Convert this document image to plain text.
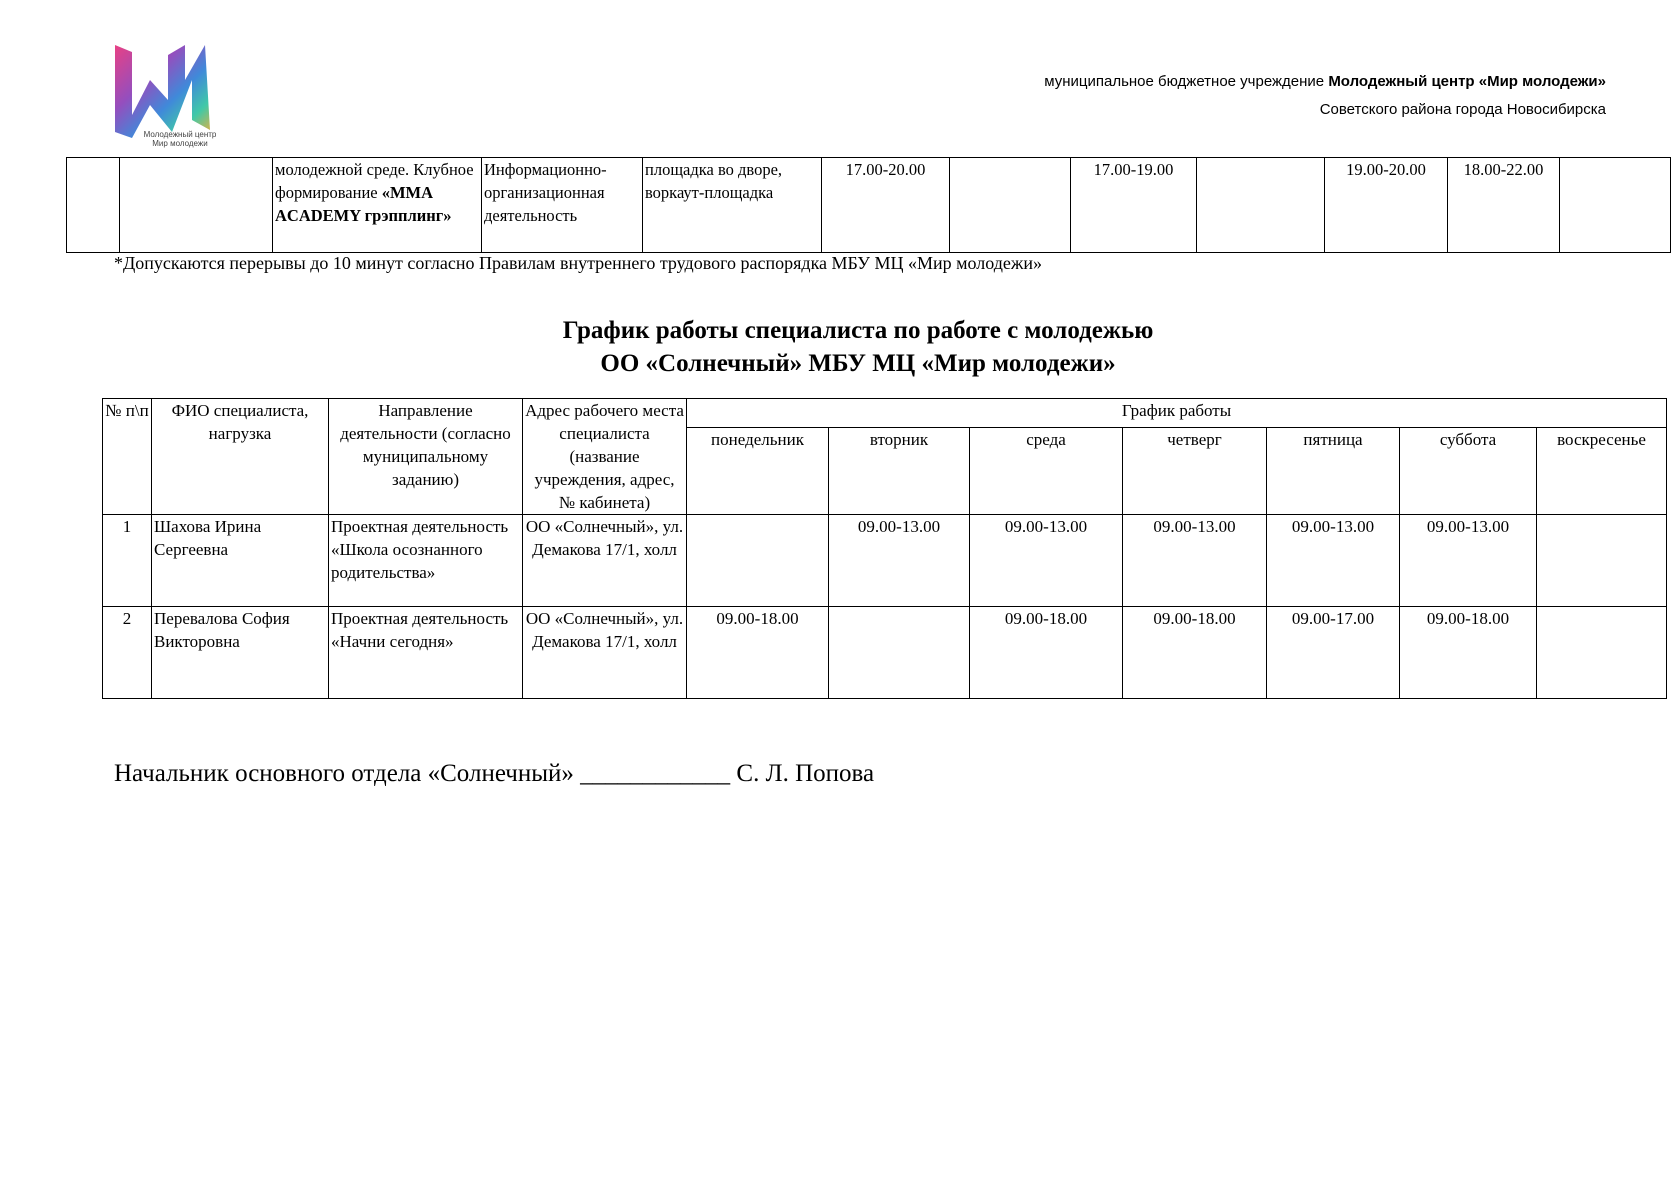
Молодежный центр Мир молодежи
муниципальное бюджетное учреждение Молодежный центр «Мир молодежи»
Советского района города Новосибирска
		молодежной среде. Клубное формирование «MMA ACADEMY грэпплинг»	Информационно-организационная деятельность	площадка во дворе, воркаут-площадка	17.00-20.00		17.00-19.00		19.00-20.00	18.00-22.00	
*Допускаются перерывы до 10 минут согласно Правилам внутреннего трудового распорядка МБУ МЦ «Мир молодежи»
График работы специалиста по работе с молодежью
ОО «Солнечный» МБУ МЦ «Мир молодежи»
№ п\п	ФИО специалиста, нагрузка	Направление деятельности (согласно муниципальному заданию)	Адрес рабочего места специалиста (название учреждения, адрес, № кабинета)	График работы						
				понедельник	вторник	среда	четверг	пятница	суббота	воскресенье
1	Шахова Ирина Сергеевна	Проектная деятельность «Школа осознанного родительства»	ОО «Солнечный», ул. Демакова 17/1, холл		09.00-13.00	09.00-13.00	09.00-13.00	09.00-13.00	09.00-13.00	
2	Перевалова София Викторовна	Проектная деятельность «Начни сегодня»	ОО «Солнечный», ул. Демакова 17/1, холл	09.00-18.00		09.00-18.00	09.00-18.00	09.00-17.00	09.00-18.00	
Начальник основного отдела «Солнечный» ____________ С. Л. Попова
